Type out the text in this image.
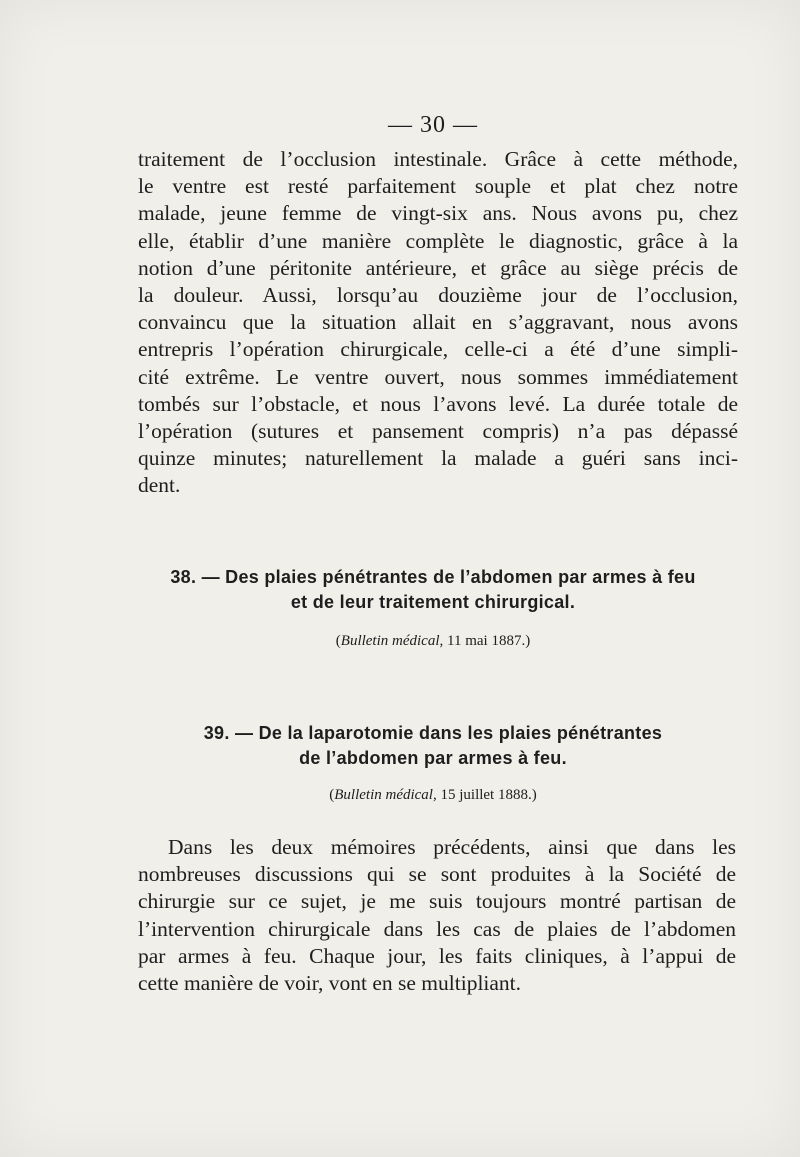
— 30 —

traitement de l’occlusion intestinale. Grâce à cette méthode,
le ventre est resté parfaitement souple et plat chez notre
malade, jeune femme de vingt-six ans. Nous avons pu, chez
elle, établir d’une manière complète le diagnostic, grâce à la
notion d’une péritonite antérieure, et grâce au siège précis de
la douleur. Aussi, lorsqu’au douzième jour de l’occlusion,
convaincu que la situation allait en s’aggravant, nous avons
entrepris l’opération chirurgicale, celle-ci a été d’une simpli-
cité extrême. Le ventre ouvert, nous sommes immédiatement
tombés sur l’obstacle, et nous l’avons levé. La durée totale de
l’opération (sutures et pansement compris) n’a pas dépassé
quinze minutes; naturellement la malade a guéri sans inci-
dent.

38. — Des plaies pénétrantes de l’abdomen par armes à feu
et de leur traitement chirurgical.
(Bulletin médical, 11 mai 1887.)
39. — De la laparotomie dans les plaies pénétrantes
de l’abdomen par armes à feu.
(Bulletin médical, 15 juillet 1888.)

Dans les deux mémoires précédents, ainsi que dans les
nombreuses discussions qui se sont produites à la Société de
chirurgie sur ce sujet, je me suis toujours montré partisan de
l’intervention chirurgicale dans les cas de plaies de l’abdomen
par armes à feu. Chaque jour, les faits cliniques, à l’appui de
cette manière de voir, vont en se multipliant.
